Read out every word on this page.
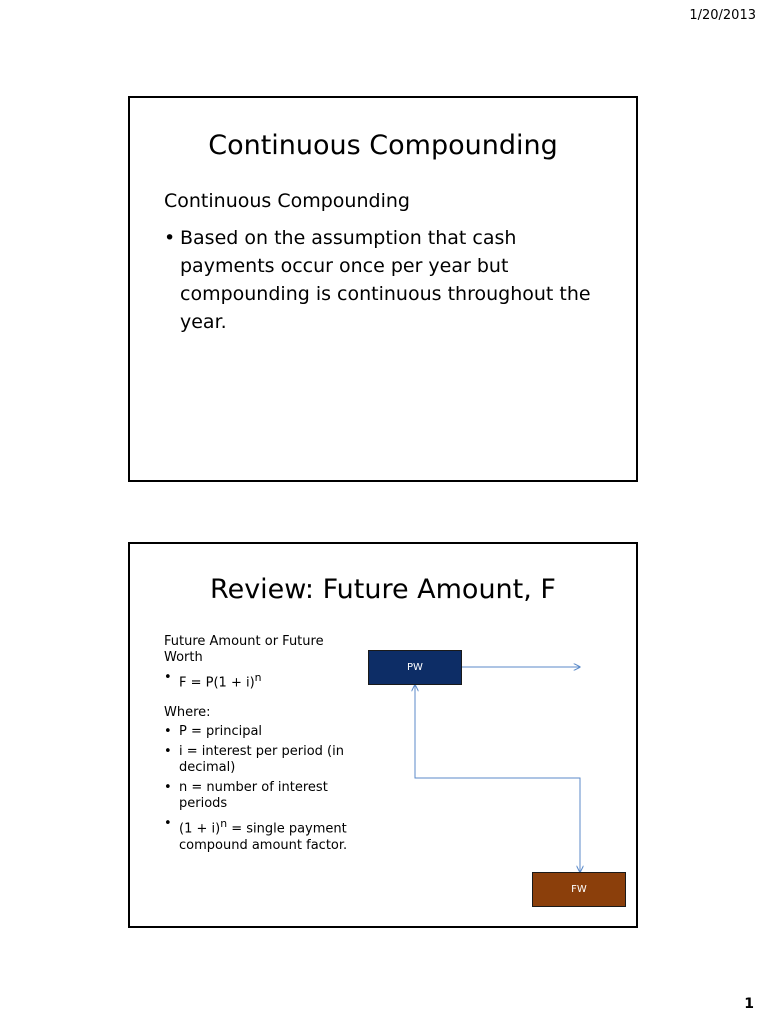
1/20/2013
Continuous Compounding

Continuous Compounding

• Based on the assumption that cash payments occur once per year but compounding is continuous throughout the year.
Review: Future Amount, F

Future Amount or Future Worth

• $F = P(1 + i)^n$

Where:

• P = principal
• i = interest per period (in decimal)
• n = number of interest periods
• $(1 + i)^n$ = single payment compound amount factor.
PW
FW
1
